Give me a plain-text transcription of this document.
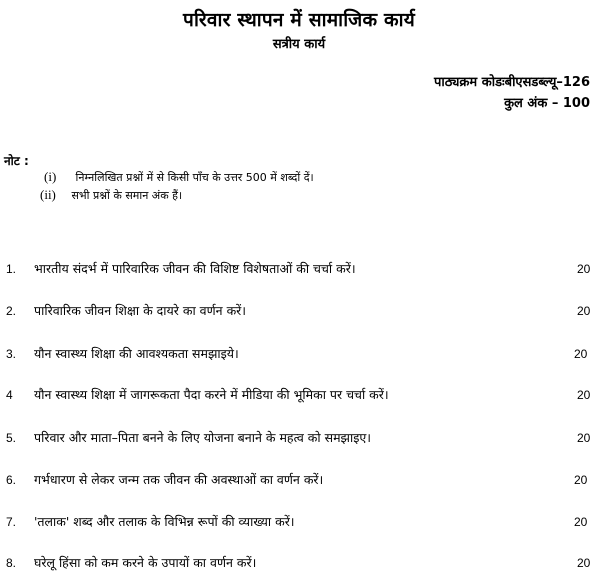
परिवार स्थापन में सामाजिक कार्य
सत्रीय कार्य
पाठ्यक्रम कोडःबीएसडब्ल्यू–126
कुल अंक – 100
नोट :
(i) निम्नलिखित प्रश्नों में से किसी पाँच के उत्तर 500 में शब्दों दें।
(ii) सभी प्रश्नों के समान अंक हैं।
1. भारतीय संदर्भ में पारिवारिक जीवन की विशिष्ट विशेषताओं की चर्चा करें।	20
2. पारिवारिक जीवन शिक्षा के दायरे का वर्णन करें।	20
3. यौन स्वास्थ्य शिक्षा की आवश्यकता समझाइये।	20
4 यौन स्वास्थ्य शिक्षा में जागरूकता पैदा करने में मीडिया की भूमिका पर चर्चा करें।	20
5. परिवार और माता–पिता बनने के लिए योजना बनाने के महत्व को समझाइए।	20
6. गर्भधारण से लेकर जन्म तक जीवन की अवस्थाओं का वर्णन करें।	20
7. 'तलाक' शब्द और तलाक के विभिन्न रूपों की व्याख्या करें।	20
8. घरेलू हिंसा को कम करने के उपायों का वर्णन करें।	20
